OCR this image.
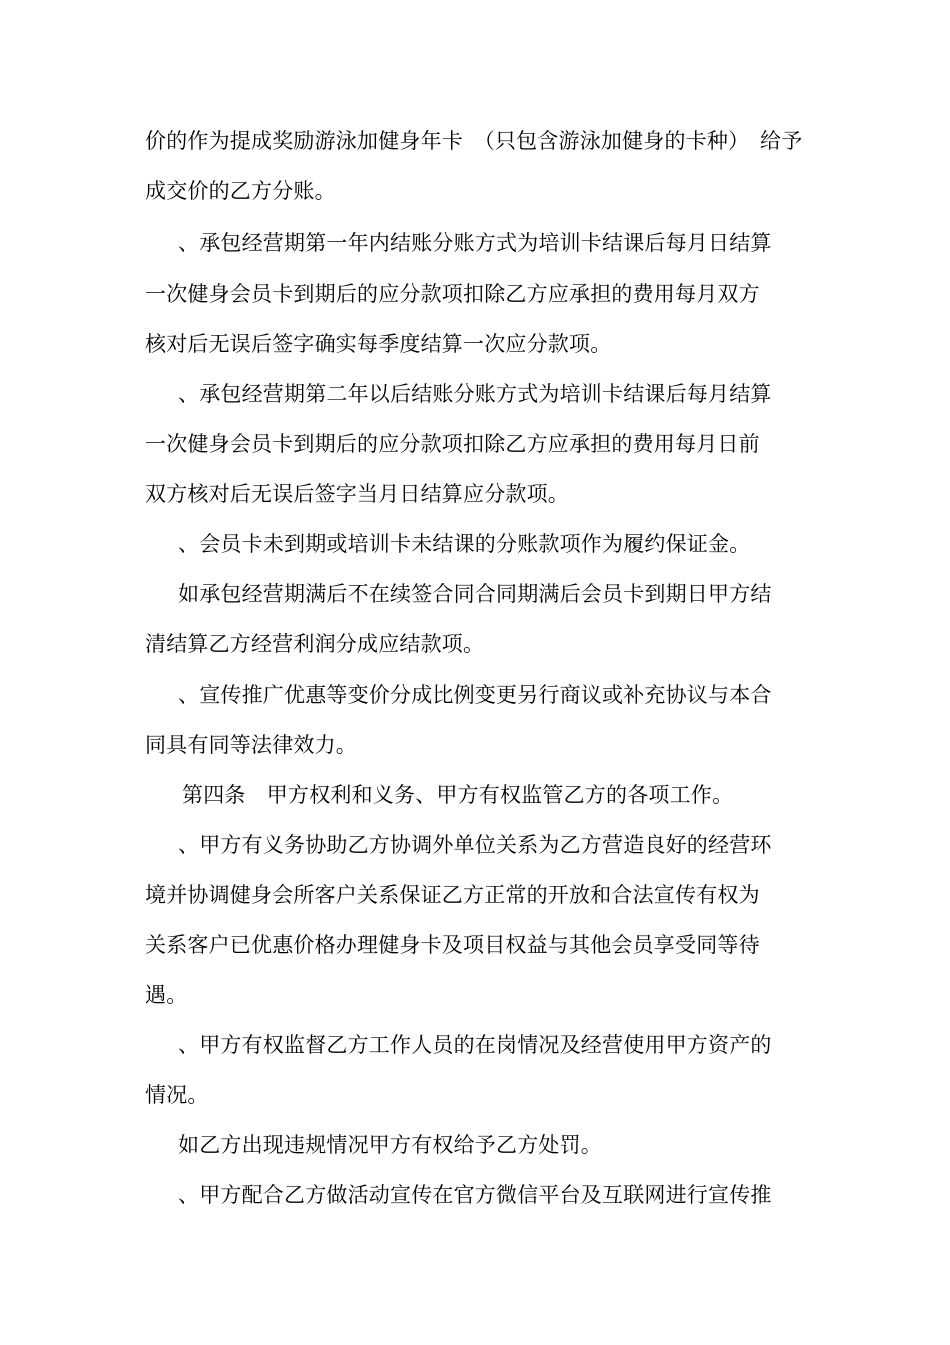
价的作为提成奖励游泳加健身年卡　（只包含游泳加健身的卡种）　给予
成交价的乙方分账。
、承包经营期第一年内结账分账方式为培训卡结课后每月日结算
一次健身会员卡到期后的应分款项扣除乙方应承担的费用每月双方
核对后无误后签字确实每季度结算一次应分款项。
、承包经营期第二年以后结账分账方式为培训卡结课后每月结算
一次健身会员卡到期后的应分款项扣除乙方应承担的费用每月日前
双方核对后无误后签字当月日结算应分款项。
、会员卡未到期或培训卡未结课的分账款项作为履约保证金。
如承包经营期满后不在续签合同合同期满后会员卡到期日甲方结
清结算乙方经营利润分成应结款项。
、宣传推广优惠等变价分成比例变更另行商议或补充协议与本合
同具有同等法律效力。
第四条　甲方权利和义务、甲方有权监管乙方的各项工作。
、甲方有义务协助乙方协调外单位关系为乙方营造良好的经营环
境并协调健身会所客户关系保证乙方正常的开放和合法宣传有权为
关系客户已优惠价格办理健身卡及项目权益与其他会员享受同等待
遇。
、甲方有权监督乙方工作人员的在岗情况及经营使用甲方资产的
情况。
如乙方出现违规情况甲方有权给予乙方处罚。
、甲方配合乙方做活动宣传在官方微信平台及互联网进行宣传推
